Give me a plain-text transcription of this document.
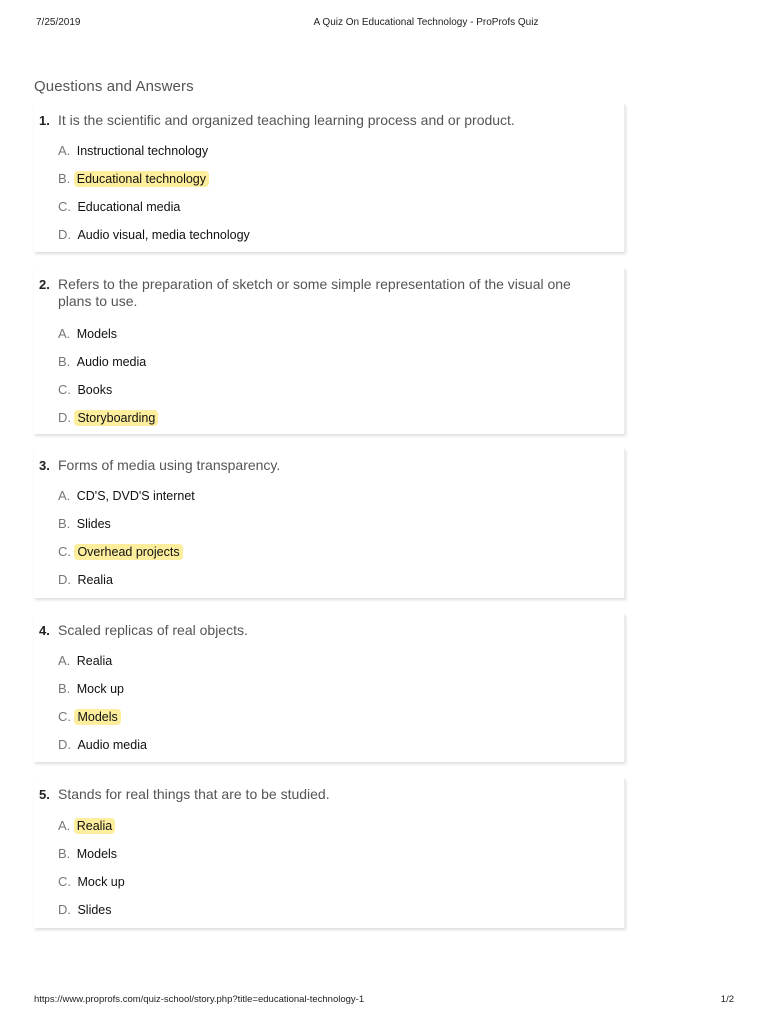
7/25/2019	A Quiz On Educational Technology - ProProfs Quiz
Questions and Answers
1. It is the scientific and organized teaching learning process and or product.
A. Instructional technology
B. Educational technology
C. Educational media
D. Audio visual, media technology
2. Refers to the preparation of sketch or some simple representation of the visual one plans to use.
A. Models
B. Audio media
C. Books
D. Storyboarding
3. Forms of media using transparency.
A. CD'S, DVD'S internet
B. Slides
C. Overhead projects
D. Realia
4. Scaled replicas of real objects.
A. Realia
B. Mock up
C. Models
D. Audio media
5. Stands for real things that are to be studied.
A. Realia
B. Models
C. Mock up
D. Slides
https://www.proprofs.com/quiz-school/story.php?title=educational-technology-1	1/2
